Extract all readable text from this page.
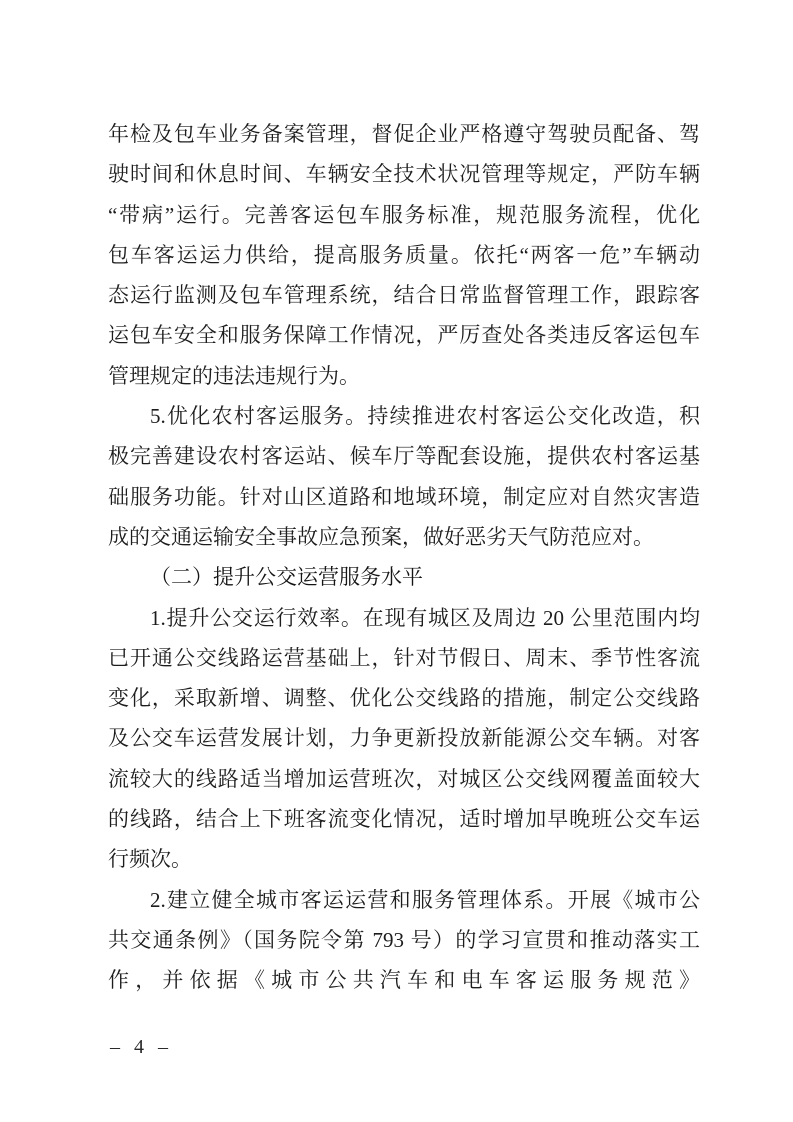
年检及包车业务备案管理，督促企业严格遵守驾驶员配备、驾
驶时间和休息时间、车辆安全技术状况管理等规定，严防车辆
“带病”运行。完善客运包车服务标准，规范服务流程，优化
包车客运运力供给，提高服务质量。依托“两客一危”车辆动
态运行监测及包车管理系统，结合日常监督管理工作，跟踪客
运包车安全和服务保障工作情况，严厉查处各类违反客运包车
管理规定的违法违规行为。
5.优化农村客运服务。持续推进农村客运公交化改造，积
极完善建设农村客运站、候车厅等配套设施，提供农村客运基
础服务功能。针对山区道路和地域环境，制定应对自然灾害造
成的交通运输安全事故应急预案，做好恶劣天气防范应对。
（二）提升公交运营服务水平
1.提升公交运行效率。在现有城区及周边 20 公里范围内均
已开通公交线路运营基础上，针对节假日、周末、季节性客流
变化，采取新增、调整、优化公交线路的措施，制定公交线路
及公交车运营发展计划，力争更新投放新能源公交车辆。对客
流较大的线路适当增加运营班次，对城区公交线网覆盖面较大
的线路，结合上下班客流变化情况，适时增加早晚班公交车运
行频次。
2.建立健全城市客运运营和服务管理体系。开展《城市公
共交通条例》（国务院令第 793 号）的学习宣贯和推动落实工
作，并依据《城市公共汽车和电车客运服务规范》
– 4 –
